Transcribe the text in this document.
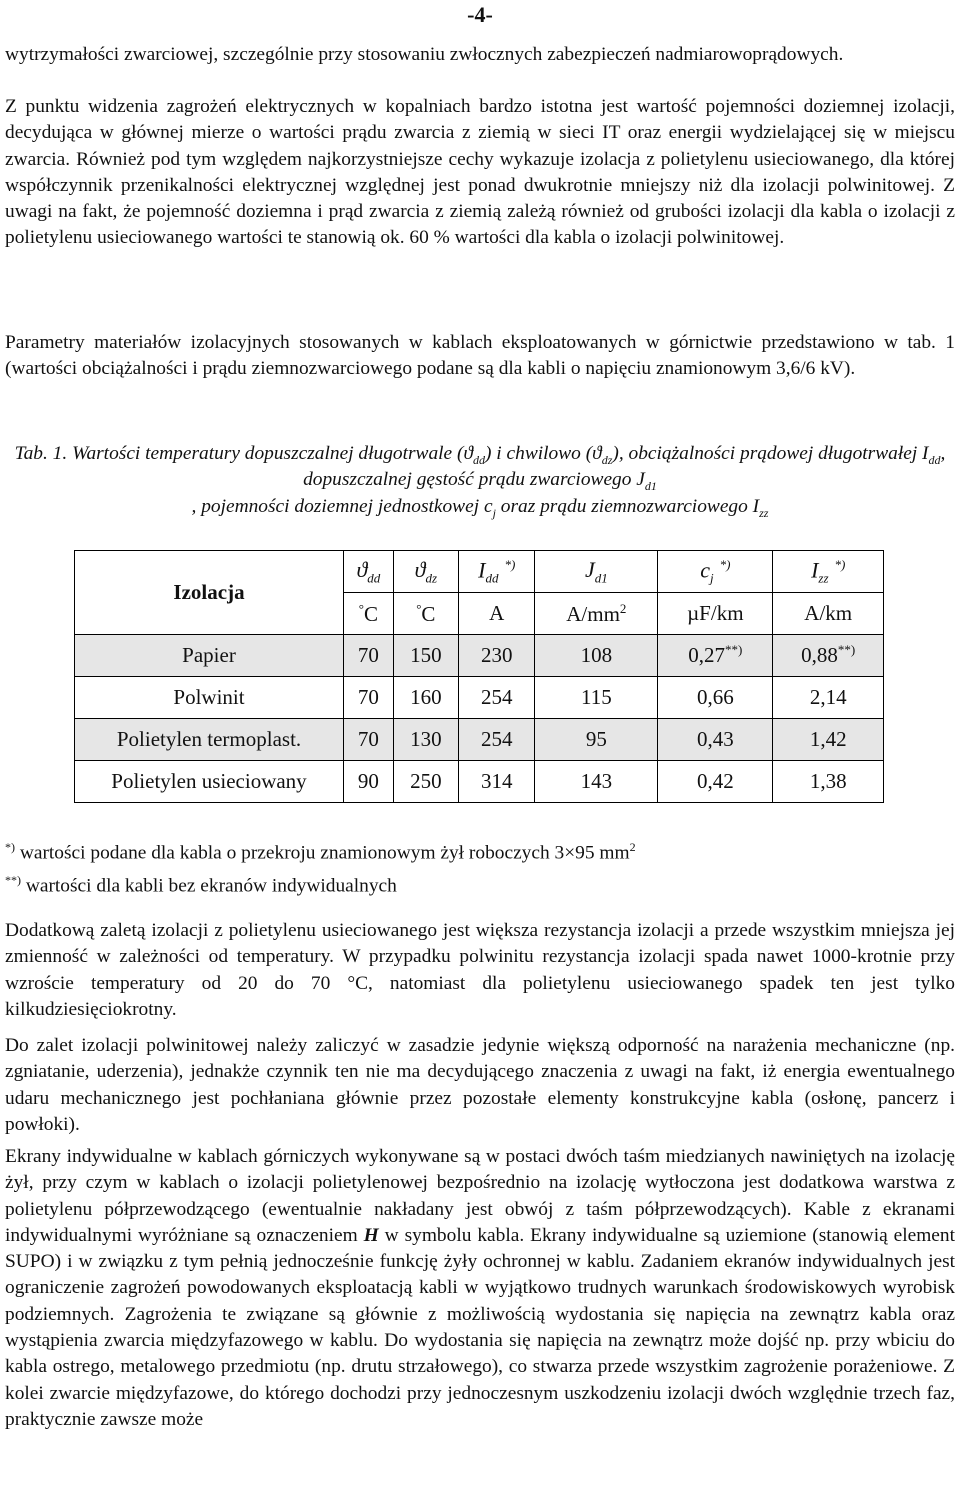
-4-

wytrzymałości zwarciowej, szczególnie przy stosowaniu zwłocznych zabezpieczeń nadmiarowoprądowych.

Z punktu widzenia zagrożeń elektrycznych w kopalniach bardzo istotna jest wartość pojemności doziemnej izolacji, decydująca w głównej mierze o wartości prądu zwarcia z ziemią w sieci IT oraz energii wydzielającej się w miejscu zwarcia. Również pod tym względem najkorzystniejsze cechy wykazuje izolacja z polietylenu usieciowanego, dla której współczynnik przenikalności elektrycznej względnej jest ponad dwukrotnie mniejszy niż dla izolacji polwinitowej. Z uwagi na fakt, że pojemność doziemna i prąd zwarcia z ziemią zależą również od grubości izolacji dla kabla o izolacji z polietylenu usieciowanego wartości te stanowią ok. 60 % wartości dla kabla o izolacji polwinitowej.

Parametry materiałów izolacyjnych stosowanych w kablach eksploatowanych w górnictwie przedstawiono w tab. 1 (wartości obciążalności i prądu ziemnozwarciowego podane są dla kabli o napięciu znamionowym 3,6/6 kV).

Tab. 1. Wartości temperatury dopuszczalnej długotrwale $(ϑ_{dd})$ i chwilowo $(ϑ_{dz})$, obciążalności prądowej długotrwałej $I_{dd}$, dopuszczalnej gęstość prądu zwarciowego $J_{d1}$
, pojemności doziemnej jednostkowej $c_j$ oraz prądu ziemnozwarciowego $I_{zz}$

Izolacja	$ϑ_{dd}$	$ϑ_{dz}$	$I_{dd}^{*)}$	$J_{d1}$	$c_j^{*)}$	$I_{zz}^{*)}$
	°C	°C	A	$A/mm^2$	µF/km	A/km
Papier	70	150	230	108	0,27**)	0,88**)
Polwinit	70	160	254	115	0,66	2,14
Polietylen termoplast.	70	130	254	95	0,43	1,42
Polietylen usieciowany	90	250	314	143	0,42	1,38
*) wartości podane dla kabla o przekroju znamionowym żył roboczych 3×95 $mm^2$
**) wartości dla kabli bez ekranów indywidualnych

Dodatkową zaletą izolacji z polietylenu usieciowanego jest większa rezystancja izolacji a przede wszystkim mniejsza jej zmienność w zależności od temperatury. W przypadku polwinitu rezystancja izolacji spada nawet 1000-krotnie przy wzroście temperatury od 20 do 70 °C, natomiast dla polietylenu usieciowanego spadek ten jest tylko kilkudziesięciokrotny.

Do zalet izolacji polwinitowej należy zaliczyć w zasadzie jedynie większą odporność na narażenia mechaniczne (np. zgniatanie, uderzenia), jednakże czynnik ten nie ma decydującego znaczenia z uwagi na fakt, iż energia ewentualnego udaru mechanicznego jest pochłaniana głównie przez pozostałe elementy konstrukcyjne kabla (osłonę, pancerz i powłoki).

Ekrany indywidualne w kablach górniczych wykonywane są w postaci dwóch taśm miedzianych nawiniętych na izolację żył, przy czym w kablach o izolacji polietylenowej bezpośrednio na izolację wytłoczona jest dodatkowa warstwa z polietylenu półprzewodzącego (ewentualnie nakładany jest obwój z taśm półprzewodzących). Kable z ekranami indywidualnymi wyróżniane są oznaczeniem H w symbolu kabla. Ekrany indywidualne są uziemione (stanowią element SUPO) i w związku z tym pełnią jednocześnie funkcję żyły ochronnej w kablu. Zadaniem ekranów indywidualnych jest ograniczenie zagrożeń powodowanych eksploatacją kabli w wyjątkowo trudnych warunkach środowiskowych wyrobisk podziemnych. Zagrożenia te związane są głównie z możliwością wydostania się napięcia na zewnątrz kabla oraz wystąpienia zwarcia międzyfazowego w kablu. Do wydostania się napięcia na zewnątrz może dojść np. przy wbiciu do kabla ostrego, metalowego przedmiotu (np. drutu strzałowego), co stwarza przede wszystkim zagrożenie porażeniowe. Z kolei zwarcie międzyfazowe, do którego dochodzi przy jednoczesnym uszkodzeniu izolacji dwóch względnie trzech faz, praktycznie zawsze może
